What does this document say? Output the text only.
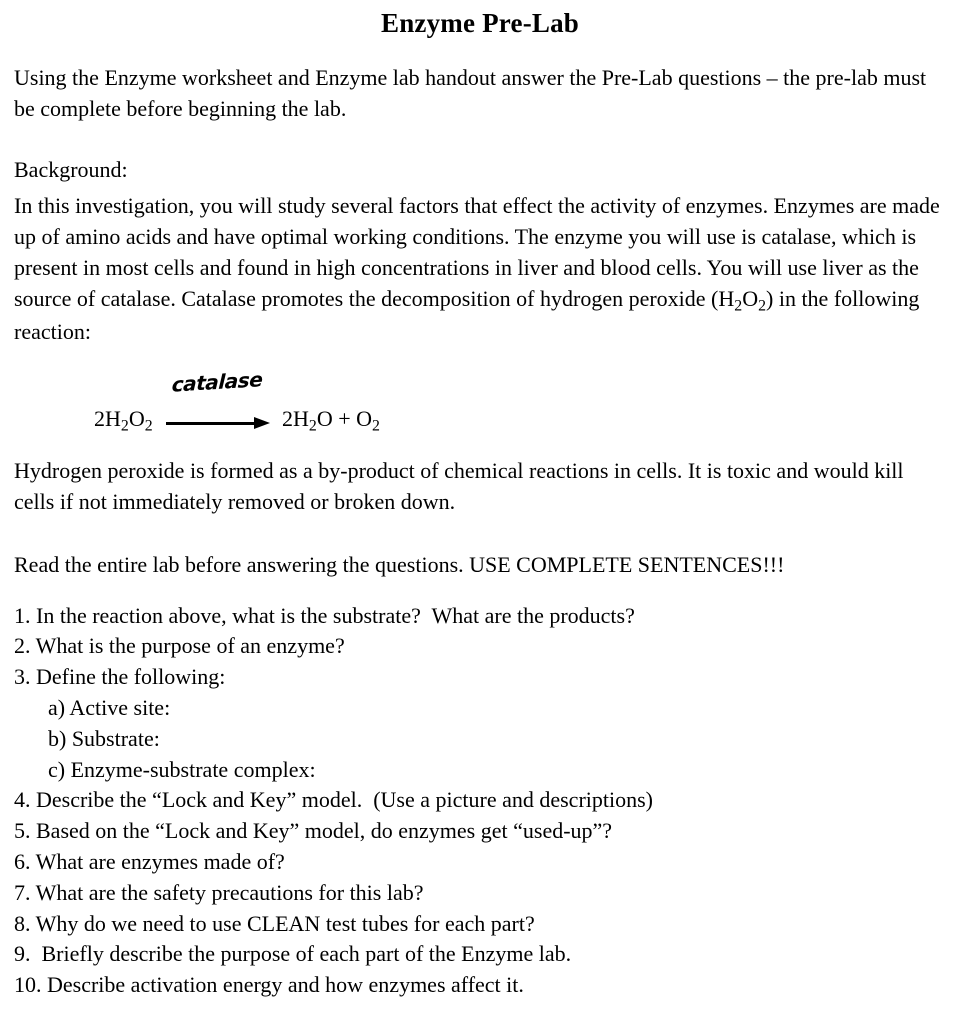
Enzyme Pre-Lab
Using the Enzyme worksheet and Enzyme lab handout answer the Pre-Lab questions – the pre-lab must be complete before beginning the lab.
Background:
In this investigation, you will study several factors that effect the activity of enzymes. Enzymes are made up of amino acids and have optimal working conditions. The enzyme you will use is catalase, which is present in most cells and found in high concentrations in liver and blood cells. You will use liver as the source of catalase. Catalase promotes the decomposition of hydrogen peroxide $(H_2O_2)$ in the following reaction:
catalase
$2H_2O_2$	$2H_2O + O_2$
Hydrogen peroxide is formed as a by-product of chemical reactions in cells. It is toxic and would kill cells if not immediately removed or broken down.
Read the entire lab before answering the questions. USE COMPLETE SENTENCES!!!
1. In the reaction above, what is the substrate?  What are the products?
2. What is the purpose of an enzyme?
3. Define the following:
a) Active site:
b) Substrate:
c) Enzyme-substrate complex:
4. Describe the “Lock and Key” model.  (Use a picture and descriptions)
5. Based on the “Lock and Key” model, do enzymes get “used-up”?
6. What are enzymes made of?
7. What are the safety precautions for this lab?
8. Why do we need to use CLEAN test tubes for each part?
9.  Briefly describe the purpose of each part of the Enzyme lab.
10. Describe activation energy and how enzymes affect it.
